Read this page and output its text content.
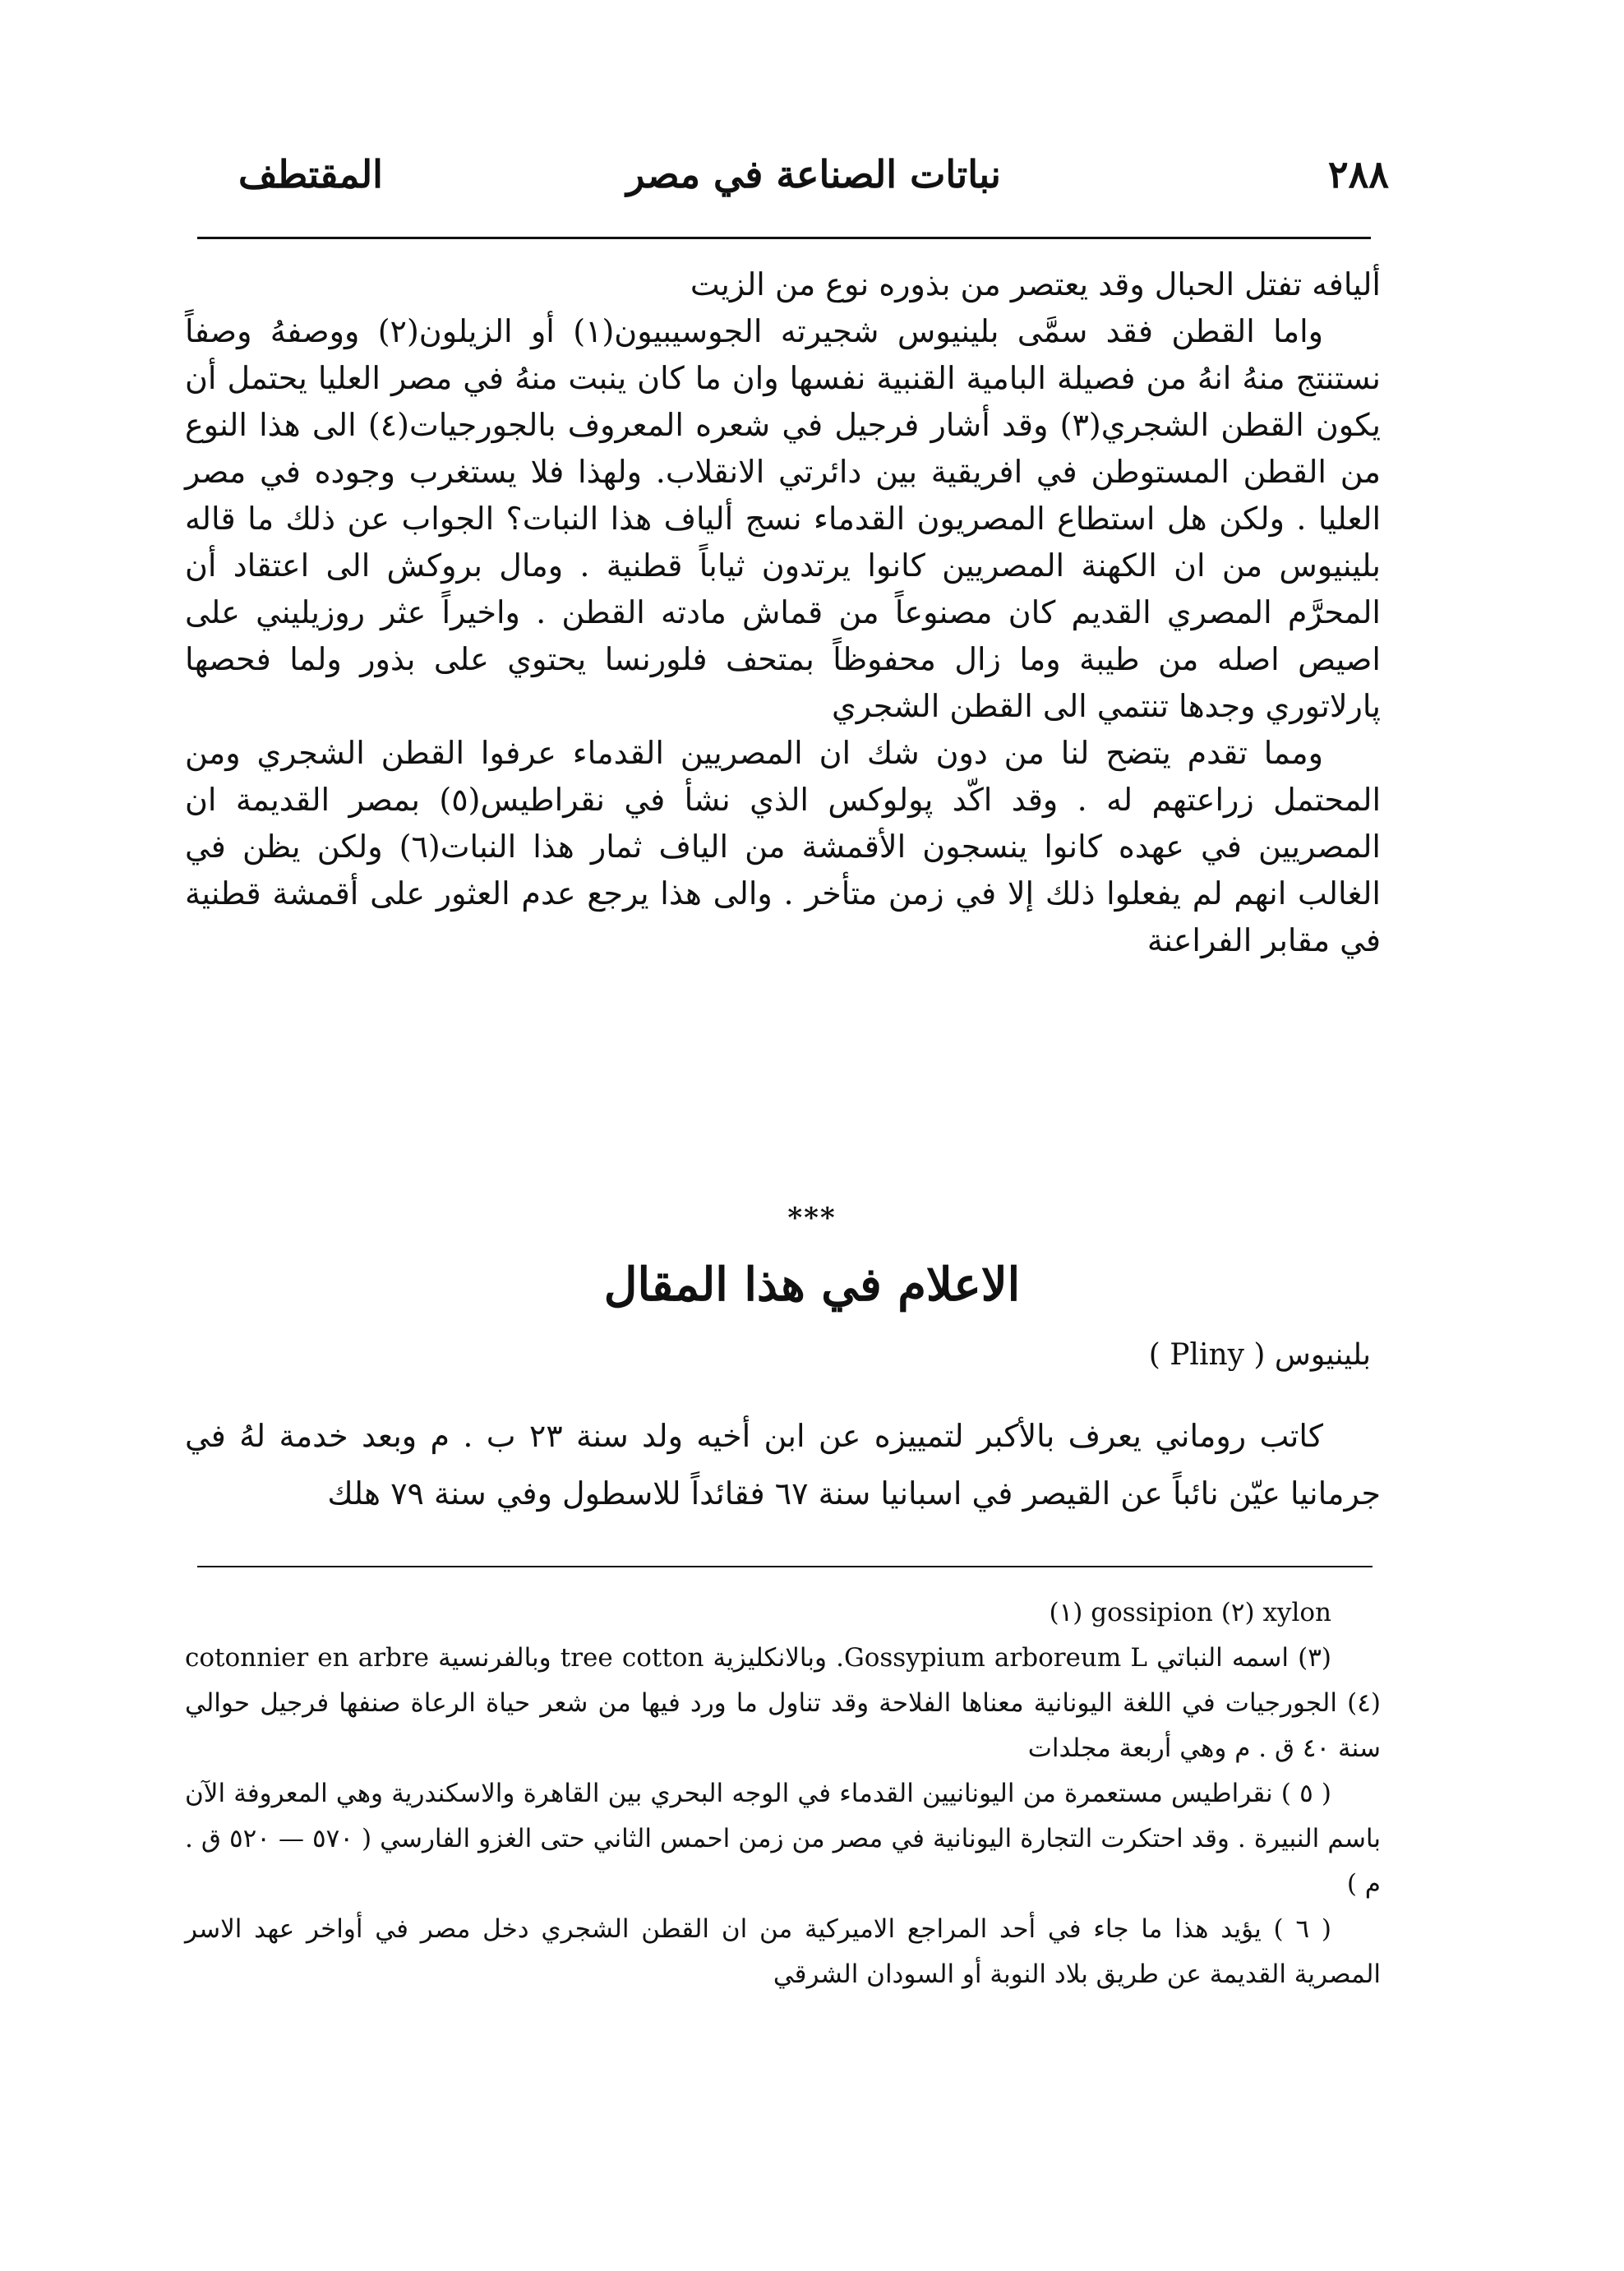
٢٨٨
نباتات الصناعة في مصر
المقتطف

أليافه تفتل الحبال وقد يعتصر من بذوره نوع من الزيت

واما القطن فقد سمَّى بلينيوس شجيرته الجوسيبيون(١) أو الزيلون(٢) ووصفهُ وصفاً نستنتج منهُ انهُ من فصيلة البامية القنبية نفسها وان ما كان ينبت منهُ في مصر العليا يحتمل أن يكون القطن الشجري(٣) وقد أشار فرجيل في شعره المعروف بالجورجيات(٤) الى هذا النوع من القطن المستوطن في افريقية بين دائرتي الانقلاب. ولهذا فلا يستغرب وجوده في مصر العليا . ولكن هل استطاع المصريون القدماء نسج ألياف هذا النبات؟ الجواب عن ذلك ما قاله بلينيوس من ان الكهنة المصريين كانوا يرتدون ثياباً قطنية . ومال بروكش الى اعتقاد أن المحرَّم المصري القديم كان مصنوعاً من قماش مادته القطن . واخيراً عثر روزيليني على اصيص اصله من طيبة وما زال محفوظاً بمتحف فلورنسا يحتوي على بذور ولما فحصها پارلاتوري وجدها تنتمي الى القطن الشجري

ومما تقدم يتضح لنا من دون شك ان المصريين القدماء عرفوا القطن الشجري ومن المحتمل زراعتهم له . وقد اكّد پولوكس الذي نشأ في نقراطيس(٥) بمصر القديمة ان المصريين في عهده كانوا ينسجون الأقمشة من الياف ثمار هذا النبات(٦) ولكن يظن في الغالب انهم لم يفعلوا ذلك إلا في زمن متأخر . والى هذا يرجع عدم العثور على أقمشة قطنية في مقابر الفراعنة

***
الاعلام في هذا المقال
بلينيوس ( Pliny )

كاتب روماني يعرف بالأكبر لتمييزه عن ابن أخيه ولد سنة ٢٣ ب . م وبعد خدمة لهُ في جرمانيا عيّن نائباً عن القيصر في اسبانيا سنة ٦٧ فقائداً للاسطول وفي سنة ٧٩ هلك

xylon (٢) gossipion (١)

(٣) اسمه النباتي Gossypium arboreum L. وبالانكليزية tree cotton وبالفرنسية cotonnier en arbre (٤) الجورجيات في اللغة اليونانية معناها الفلاحة وقد تناول ما ورد فيها من شعر حياة الرعاة صنفها فرجيل حوالي سنة ٤٠ ق . م وهي أربعة مجلدات

( ٥ ) نقراطيس مستعمرة من اليونانيين القدماء في الوجه البحري بين القاهرة والاسكندرية وهي المعروفة الآن باسم النبيرة . وقد احتكرت التجارة اليونانية في مصر من زمن احمس الثاني حتى الغزو الفارسي ( ٥٧٠ — ٥٢٠ ق . م )

( ٦ ) يؤيد هذا ما جاء في أحد المراجع الاميركية من ان القطن الشجري دخل مصر في أواخر عهد الاسر المصرية القديمة عن طريق بلاد النوبة أو السودان الشرقي
